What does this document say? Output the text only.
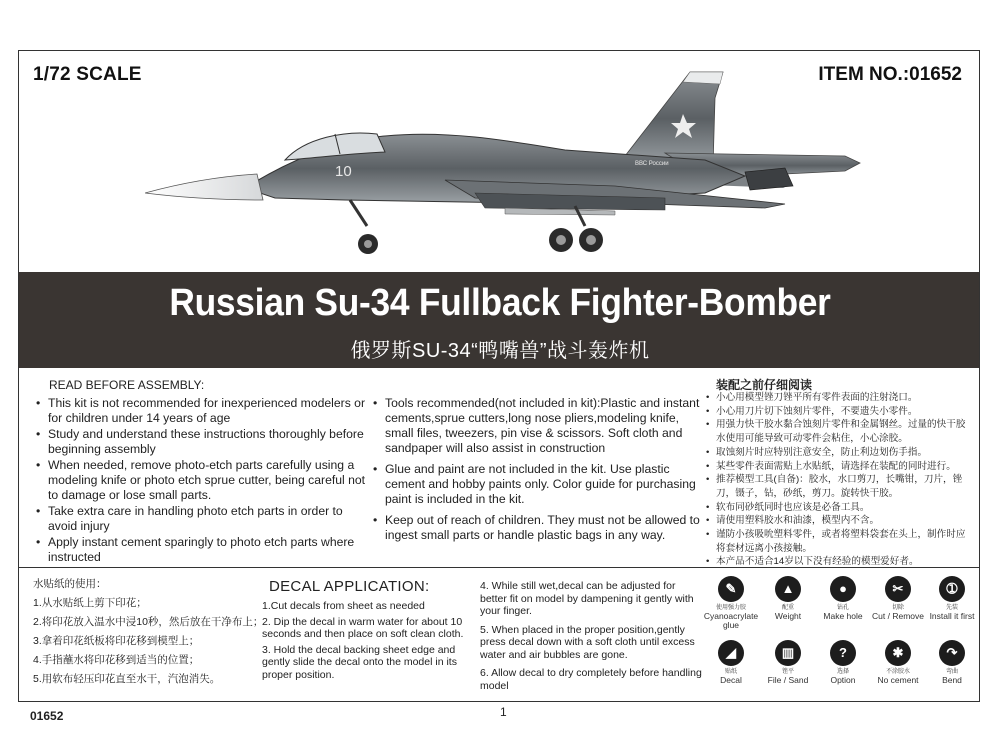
1/72 SCALE	ITEM NO.:01652
10	ВВС России
Russian Su-34 Fullback Fighter-Bomber
俄罗斯SU-34“鸭嘴兽”战斗轰炸机
READ BEFORE ASSEMBLY:
• This kit is not recommended for inexperienced modelers or for children under 14 years of age
• Study and understand these instructions thoroughly before beginning assembly
• When needed, remove photo-etch parts carefully using a modeling knife or photo etch sprue cutter, being careful not to damage or lose small parts.
• Take extra care in handling photo etch parts in order to avoid injury
• Apply instant cement sparingly to photo etch parts where instructed
• Tools recommended(not included in kit):Plastic and instant cements,sprue cutters,long nose pliers,modeling knife, small files, tweezers, pin vise & scissors. Soft cloth and sandpaper will also assist in construction
• Glue and paint are not included in the kit. Use plastic cement and hobby paints only. Color guide for purchasing paint is included in the kit.
• Keep out of reach of children. They must not be allowed to ingest small parts or handle plastic bags in any way.
装配之前仔细阅读
• 小心用模型锉刀锉平所有零件表面的注射浇口。
• 小心用刀片切下蚀刻片零件，不要遗失小零件。
• 用强力快干胶水黏合蚀刻片零件和金属钢丝。过量的快干胶水使用可能导致可动零件会粘住，小心涂胶。
• 取蚀刻片时应特别注意安全，防止利边划伤手指。
• 某些零件表面需贴上水贴纸，请选择在装配的同时进行。
• 推荐模型工具(自备)：胶水，水口剪刀，长嘴钳，刀片，锉刀，镊子，钻，砂纸，剪刀。旋转快干胶。
• 软布同砂纸同时也应该是必备工具。
• 请使用塑料胶水和油漆，模型内不含。
• 谨防小孩吸吮塑料零件，或者将塑料袋套在头上，制作时应将套材远离小孩接触。
• 本产品不适合14岁以下没有经验的模型爱好者。
水贴纸的使用：
1.从水贴纸上剪下印花；
2.将印花放入温水中浸10秒，然后放在干净布上；
3.拿着印花纸板将印花移到模型上；
4.手指蘸水将印花移到适当的位置；
5.用软布轻压印花直至水干，汽泡消失。
DECAL APPLICATION:
1.Cut decals from sheet as needed
2. Dip the decal in warm water for about 10 seconds and then place on soft clean cloth.
3. Hold the decal backing sheet edge and gently slide the decal onto the model in its proper position.
4. While still wet,decal can be adjusted for better fit on model by dampening it gently with your finger.
5. When placed in the proper position,gently press decal down with a soft cloth until excess water and air bubbles are gone.
6. Allow decal to dry completely before handling model
✎
使用强力胶
Cyanoacrylate glue
▲
配重
Weight
●
钻孔
Make hole
✂
切除
Cut / Remove
➀
先装
Install it first
◢
贴纸
Decal
▥
锉平
File / Sand
?
选择
Option
✱
不涂胶水
No cement
↷
弯曲
Bend
01652	1
